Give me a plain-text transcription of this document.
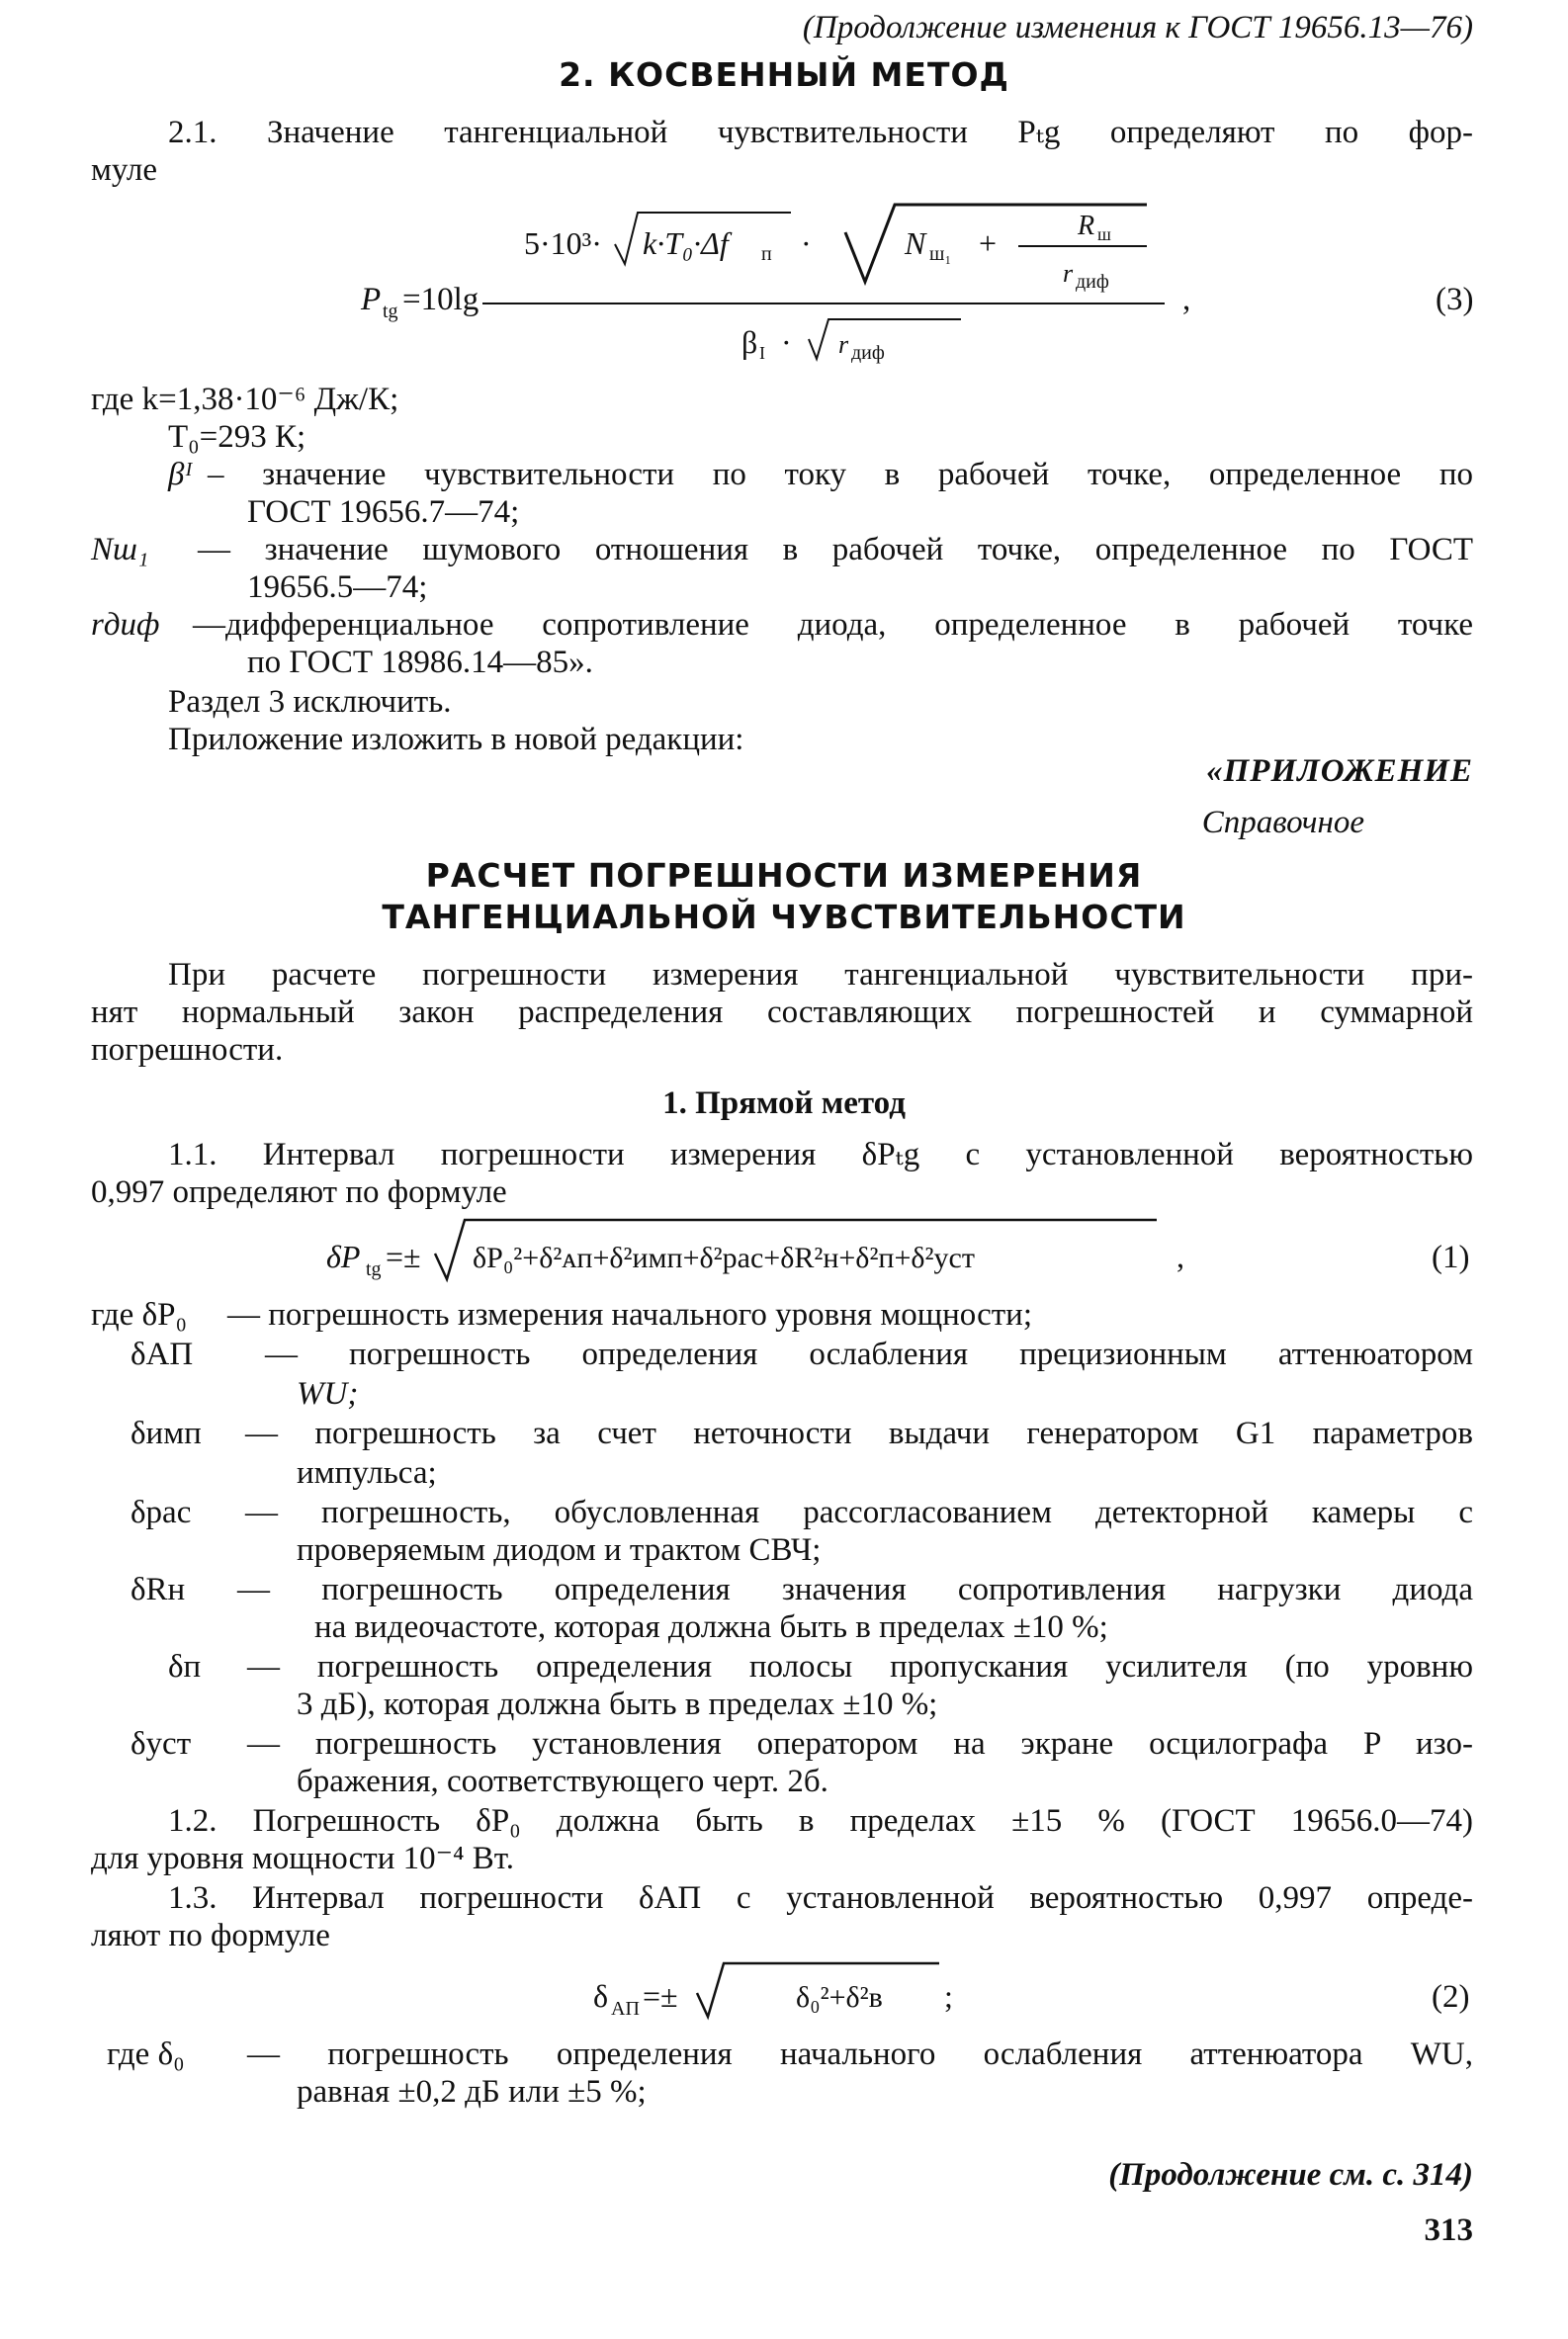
(Продолжение изменения к ГОСТ 19656.13—76)
2. КОСВЕННЫЙ МЕТОД
2.1. Значение тангенциальной чувствительности Pₜg определяют по фор-
муле
5·10³· k·T₀·Δf п ·	N ш₁ +	R ш
r диф
P tg =10lg	,
β I · r диф
(3)
где k=1,38·10⁻⁶ Дж/К;
T₀=293 К;
βᴵ – значение чувствительности по току в рабочей точке, определенное по
ГОСТ 19656.7—74;
Nш₁ — значение шумового отношения в рабочей точке, определенное по ГОСТ
19656.5—74;
rдиф —дифференциальное сопротивление диода, определенное в рабочей точке
по ГОСТ 18986.14—85».
Раздел 3 исключить.
Приложение изложить в новой редакции:
«ПРИЛОЖЕНИЕ
Справочное
РАСЧЕТ ПОГРЕШНОСТИ ИЗМЕРЕНИЯ
ТАНГЕНЦИАЛЬНОЙ ЧУВСТВИТЕЛЬНОСТИ
При расчете погрешности измерения тангенциальной чувствительности при-
нят нормальный закон распределения составляющих погрешностей и суммарной
погрешности.
1. Прямой метод
1.1. Интервал погрешности измерения δPₜg с установленной вероятностью
0,997 определяют по формуле
δP tg =± δP₀²+δ²ᴀᴨ+δ²имп+δ²рас+δR²н+δ²п+δ²уст	,	(1)
где δP₀ — погрешность измерения начального уровня мощности;
δАП — погрешность определения ослабления прецизионным аттенюатором
WU;
δимп — погрешность за счет неточности выдачи генератором G1 параметров
импульса;
δрас — погрешность, обусловленная рассогласованием детекторной камеры с
проверяемым диодом и трактом СВЧ;
δRн — погрешность определения значения сопротивления нагрузки диода
на видеочастоте, которая должна быть в пределах ±10 %;
δп — погрешность определения полосы пропускания усилителя (по уровню
3 дБ), которая должна быть в пределах ±10 %;
δуст — погрешность установления оператором на экране осцилографа P изо-
бражения, соответствующего черт. 2б.
1.2. Погрешность δP₀ должна быть в пределах ±15 % (ГОСТ 19656.0—74)
для уровня мощности 10⁻⁴ Вт.
1.3. Интервал погрешности δАП с установленной вероятностью 0,997 опреде-
ляют по формуле
δ АП =±	δ₀²+δ²в ;	(2)
где δ₀ — погрешность определения начального ослабления аттенюатора WU,
равная ±0,2 дБ или ±5 %;
(Продолжение см. с. 314)
313
